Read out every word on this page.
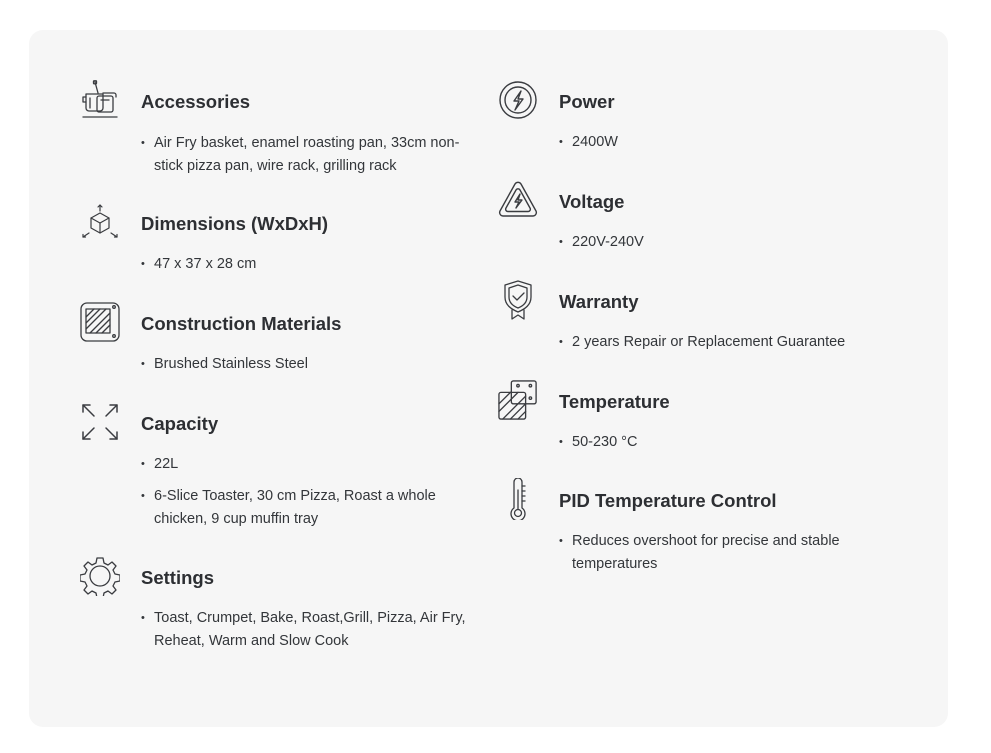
Accessories
• Air Fry basket, enamel roasting pan, 33cm non-stick pizza pan, wire rack, grilling rack
Dimensions (WxDxH)
• 47 x 37 x 28 cm
Construction Materials
• Brushed Stainless Steel
Capacity
• 22L
• 6-Slice Toaster, 30 cm Pizza, Roast a whole chicken, 9 cup muffin tray
Settings
• Toast, Crumpet, Bake, Roast,Grill, Pizza, Air Fry, Reheat, Warm and Slow Cook
Power
• 2400W
Voltage
• 220V-240V
Warranty
• 2 years Repair or Replacement Guarantee
Temperature
• 50-230 °C
PID Temperature Control
• Reduces overshoot for precise and stable temperatures
